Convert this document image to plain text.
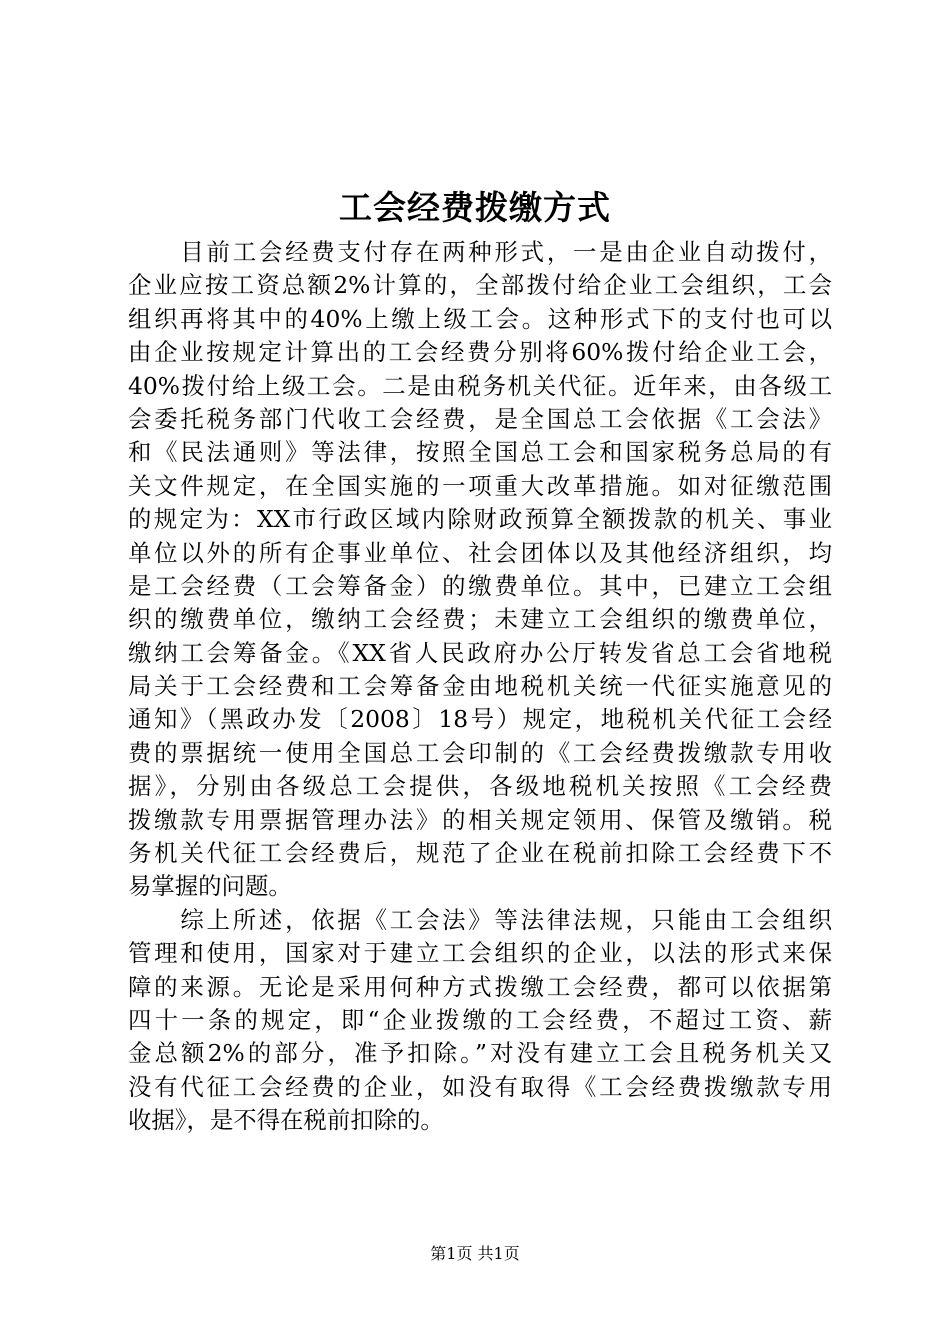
工会经费拨缴方式
　　目前工会经费支付存在两种形式，一是由企业自动拨付，
企业应按工资总额2%计算的，全部拨付给企业工会组织，工会
组织再将其中的40%上缴上级工会。这种形式下的支付也可以
由企业按规定计算出的工会经费分别将60%拨付给企业工会，
40%拨付给上级工会。二是由税务机关代征。近年来，由各级工
会委托税务部门代收工会经费，是全国总工会依据《工会法》
和《民法通则》等法律，按照全国总工会和国家税务总局的有
关文件规定，在全国实施的一项重大改革措施。如对征缴范围
的规定为：XX市行政区域内除财政预算全额拨款的机关、事业
单位以外的所有企事业单位、社会团体以及其他经济组织，均
是工会经费（工会筹备金）的缴费单位。其中，已建立工会组
织的缴费单位，缴纳工会经费；未建立工会组织的缴费单位，
缴纳工会筹备金。《XX省人民政府办公厅转发省总工会省地税
局关于工会经费和工会筹备金由地税机关统一代征实施意见的
通知》（黑政办发〔2008〕18号）规定，地税机关代征工会经
费的票据统一使用全国总工会印制的《工会经费拨缴款专用收
据》，分别由各级总工会提供，各级地税机关按照《工会经费
拨缴款专用票据管理办法》的相关规定领用、保管及缴销。税
务机关代征工会经费后，规范了企业在税前扣除工会经费下不
易掌握的问题。
　　综上所述，依据《工会法》等法律法规，只能由工会组织
管理和使用，国家对于建立工会组织的企业，以法的形式来保
障的来源。无论是采用何种方式拨缴工会经费，都可以依据第
四十一条的规定，即“企业拨缴的工会经费，不超过工资、薪
金总额2%的部分，准予扣除。”对没有建立工会且税务机关又
没有代征工会经费的企业，如没有取得《工会经费拨缴款专用
收据》，是不得在税前扣除的。
第1页 共1页
